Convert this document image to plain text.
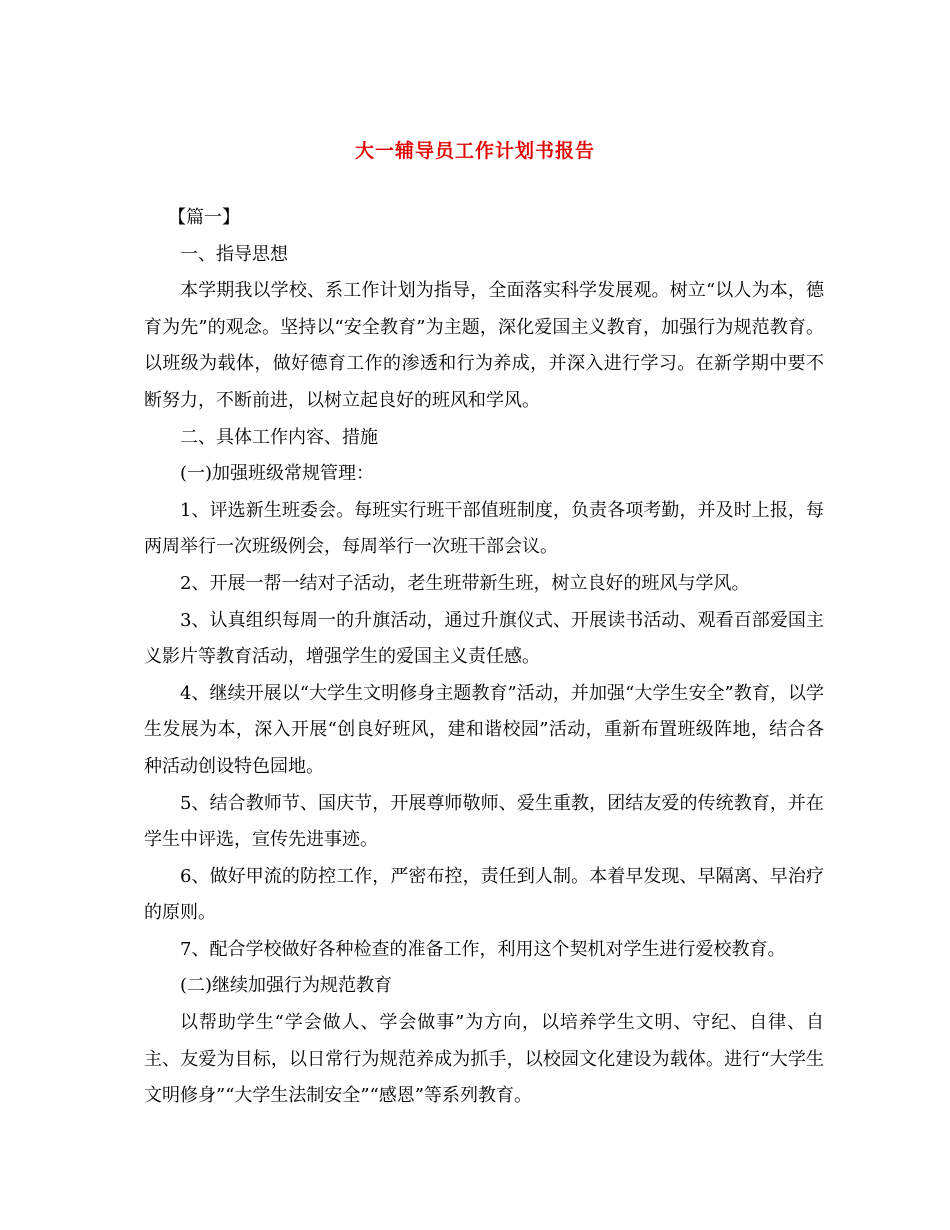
大一辅导员工作计划书报告

【篇一】

一、指导思想

本学期我以学校、系工作计划为指导，全面落实科学发展观。树立“以人为本，德育为先”的观念。坚持以“安全教育”为主题，深化爱国主义教育，加强行为规范教育。以班级为载体，做好德育工作的渗透和行为养成，并深入进行学习。在新学期中要不断努力，不断前进，以树立起良好的班风和学风。

二、具体工作内容、措施

(一)加强班级常规管理：

1、评选新生班委会。每班实行班干部值班制度，负责各项考勤，并及时上报，每两周举行一次班级例会，每周举行一次班干部会议。

2、开展一帮一结对子活动，老生班带新生班，树立良好的班风与学风。

3、认真组织每周一的升旗活动，通过升旗仪式、开展读书活动、观看百部爱国主义影片等教育活动，增强学生的爱国主义责任感。

4、继续开展以“大学生文明修身主题教育”活动，并加强“大学生安全”教育，以学生发展为本，深入开展“创良好班风，建和谐校园”活动，重新布置班级阵地，结合各种活动创设特色园地。

5、结合教师节、国庆节，开展尊师敬师、爱生重教，团结友爱的传统教育，并在学生中评选，宣传先进事迹。

6、做好甲流的防控工作，严密布控，责任到人制。本着早发现、早隔离、早治疗的原则。

7、配合学校做好各种检查的准备工作，利用这个契机对学生进行爱校教育。

(二)继续加强行为规范教育

以帮助学生“学会做人、学会做事”为方向，以培养学生文明、守纪、自律、自主、友爱为目标，以日常行为规范养成为抓手，以校园文化建设为载体。进行“大学生文明修身”“大学生法制安全”“感恩”等系列教育。
